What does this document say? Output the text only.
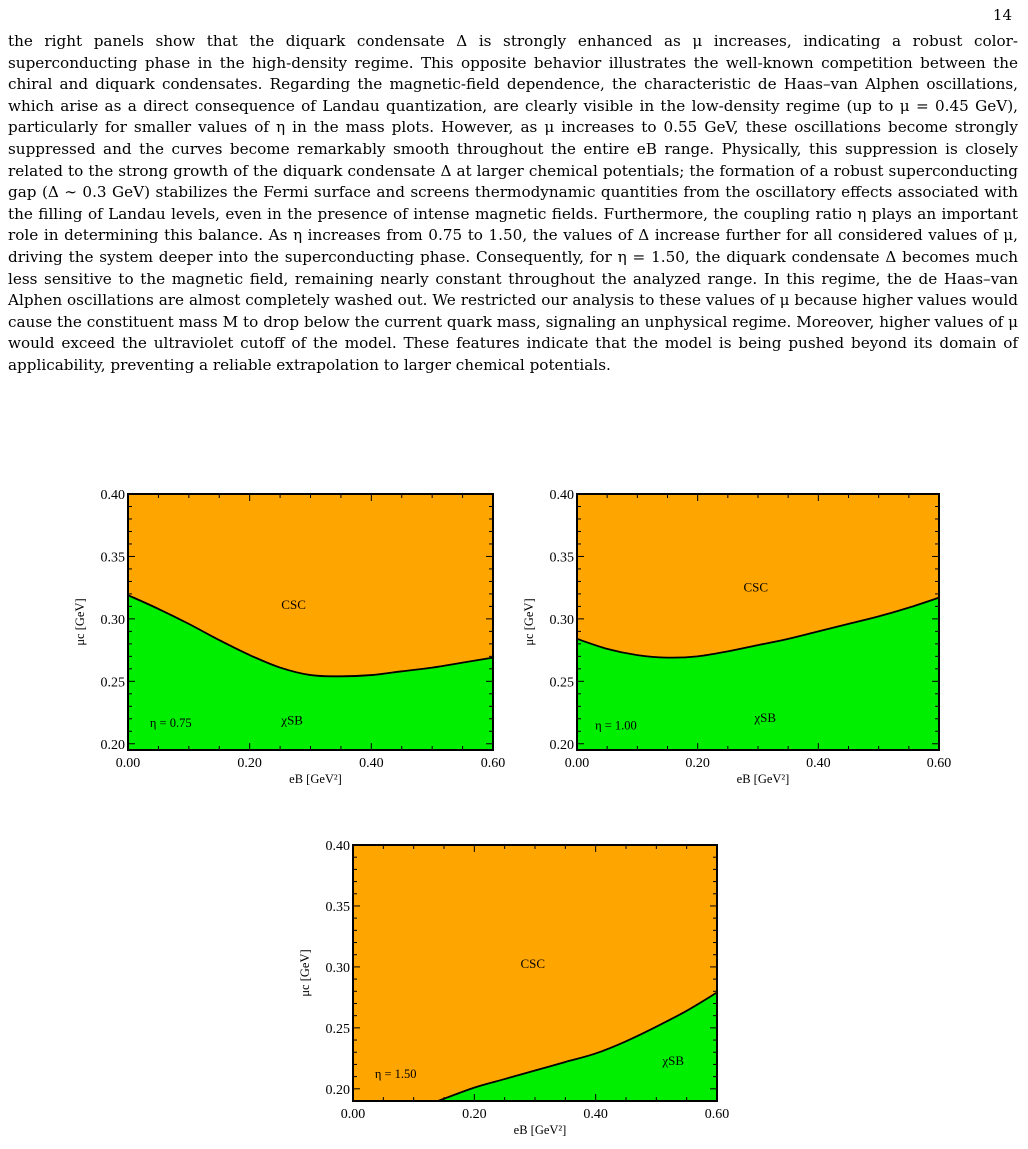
14

the right panels show that the diquark condensate Δ is strongly enhanced as μ increases, indicating a robust color-superconducting phase in the high-density regime. This opposite behavior illustrates the well-known competition between the chiral and diquark condensates. Regarding the magnetic-field dependence, the characteristic de Haas–van Alphen oscillations, which arise as a direct consequence of Landau quantization, are clearly visible in the low-density regime (up to μ = 0.45 GeV), particularly for smaller values of η in the mass plots. However, as μ increases to 0.55 GeV, these oscillations become strongly suppressed and the curves become remarkably smooth throughout the entire eB range. Physically, this suppression is closely related to the strong growth of the diquark condensate Δ at larger chemical potentials; the formation of a robust superconducting gap (Δ ∼ 0.3 GeV) stabilizes the Fermi surface and screens thermodynamic quantities from the oscillatory effects associated with the filling of Landau levels, even in the presence of intense magnetic fields. Furthermore, the coupling ratio η plays an important role in determining this balance. As η increases from 0.75 to 1.50, the values of Δ increase further for all considered values of μ, driving the system deeper into the superconducting phase. Consequently, for η = 1.50, the diquark condensate Δ becomes much less sensitive to the magnetic field, remaining nearly constant throughout the analyzed range. In this regime, the de Haas–van Alphen oscillations are almost completely washed out. We restricted our analysis to these values of μ because higher values would cause the constituent mass M to drop below the current quark mass, signaling an unphysical regime. Moreover, higher values of μ would exceed the ultraviolet cutoff of the model. These features indicate that the model is being pushed beyond its domain of applicability, preventing a reliable extrapolation to larger chemical potentials.

0.00	0.20	0.40	0.60
0.20
0.25
0.30
0.35
0.40
eB [GeV²]
μc [GeV]	CSC
χSB
η = 0.75
0.00	0.20	0.40	0.60
0.20
0.25
0.30
0.35
0.40
eB [GeV²]
μc [GeV]
CSC
χSB
η = 1.00
0.00	0.20	0.40	0.60
0.20
0.25
0.30
0.35
0.40
eB [GeV²]
μc [GeV]	CSC
χSB
η = 1.50
